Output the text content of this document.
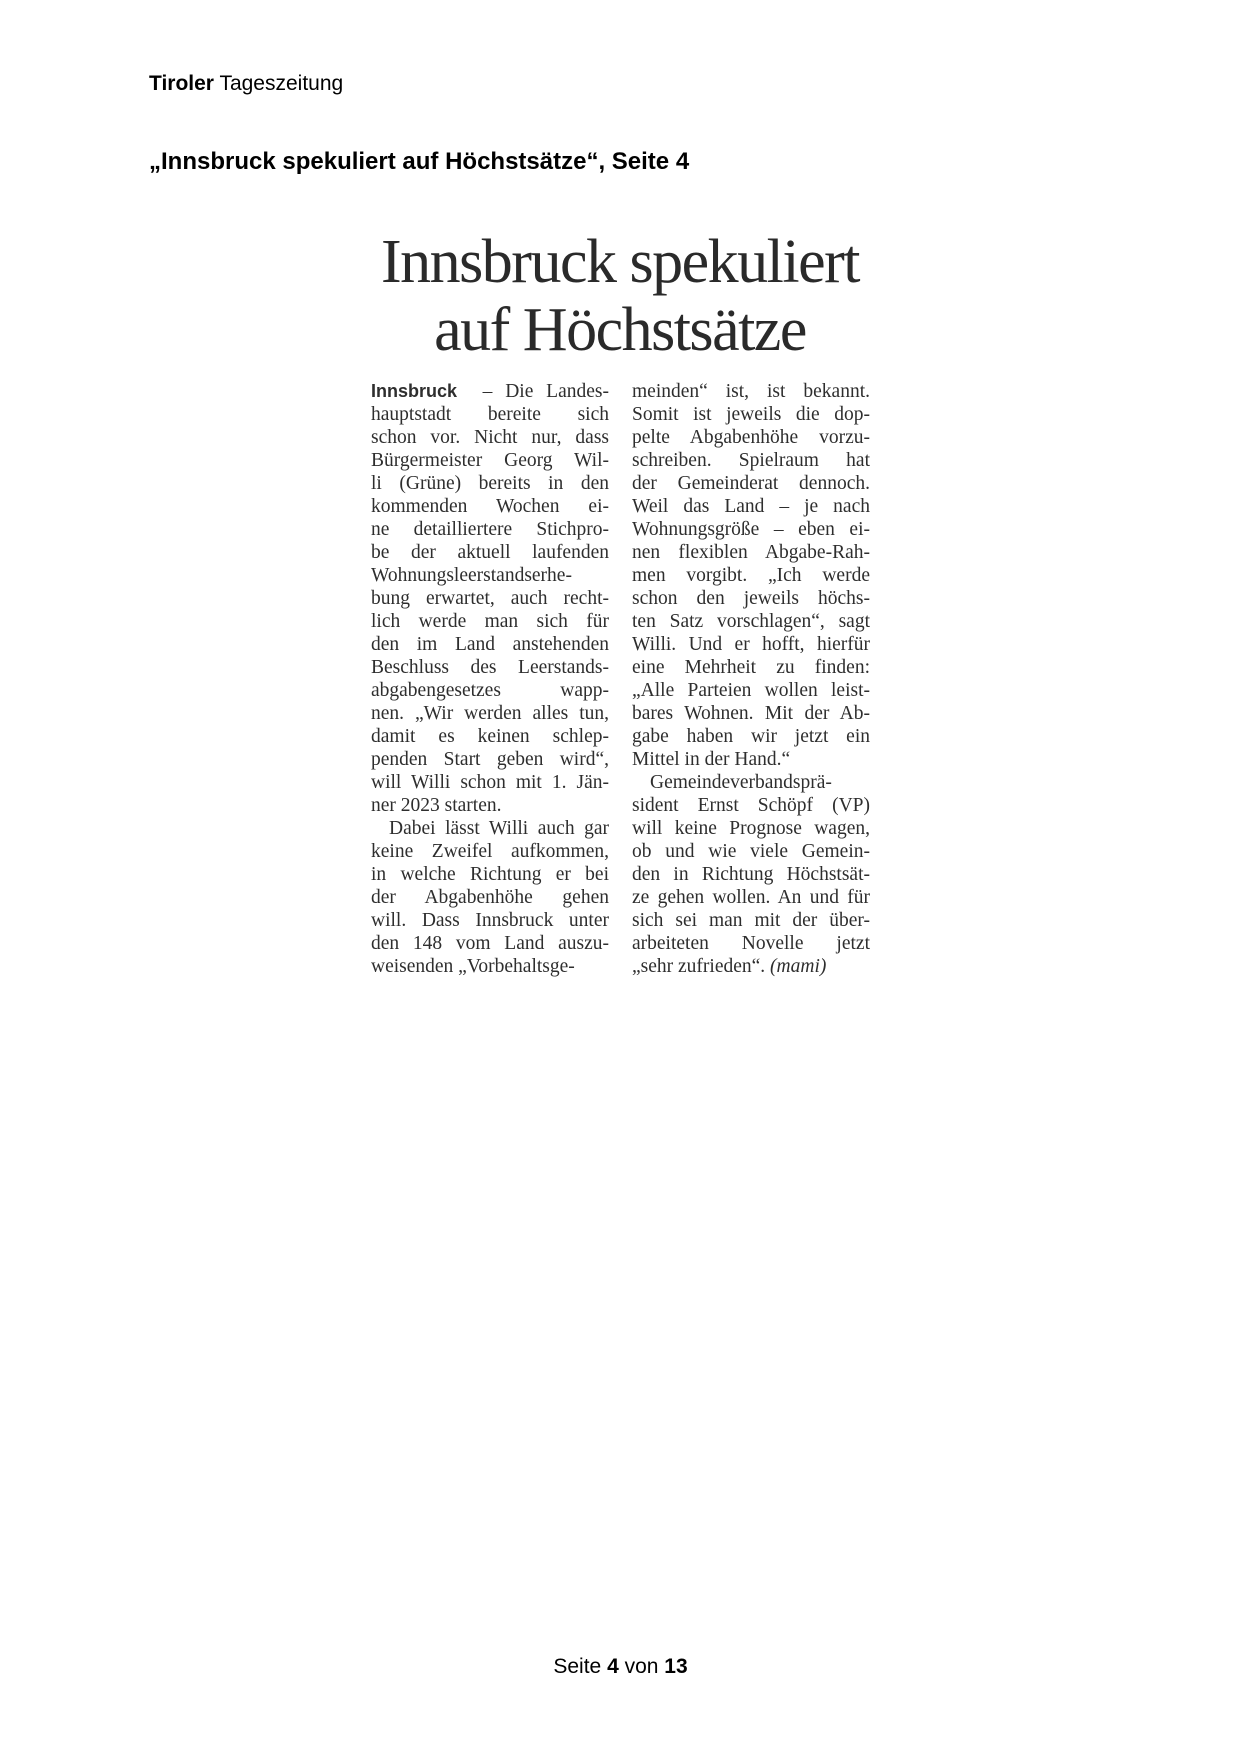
Tiroler Tageszeitung
„Innsbruck spekuliert auf Höchstsätze“, Seite 4
Innsbruck spekuliert
auf Höchstsätze
Innsbruck – Die Landes-
hauptstadt bereite sich
schon vor. Nicht nur, dass
Bürgermeister Georg Wil-
li (Grüne) bereits in den
kommenden Wochen ei-
ne detailliertere Stichpro-
be der aktuell laufenden
Wohnungsleerstandserhe-
bung erwartet, auch recht-
lich werde man sich für
den im Land anstehenden
Beschluss des Leerstands-
abgabengesetzes wapp-
nen. „Wir werden alles tun,
damit es keinen schlep-
penden Start geben wird“,
will Willi schon mit 1. Jän-
ner 2023 starten.
Dabei lässt Willi auch gar
keine Zweifel aufkommen,
in welche Richtung er bei
der Abgabenhöhe gehen
will. Dass Innsbruck unter
den 148 vom Land auszu-
weisenden „Vorbehaltsge-
meinden“ ist, ist bekannt.
Somit ist jeweils die dop-
pelte Abgabenhöhe vorzu-
schreiben. Spielraum hat
der Gemeinderat dennoch.
Weil das Land – je nach
Wohnungsgröße – eben ei-
nen flexiblen Abgabe-Rah-
men vorgibt. „Ich werde
schon den jeweils höchs-
ten Satz vorschlagen“, sagt
Willi. Und er hofft, hierfür
eine Mehrheit zu finden:
„Alle Parteien wollen leist-
bares Wohnen. Mit der Ab-
gabe haben wir jetzt ein
Mittel in der Hand.“
Gemeindeverbandsprä-
sident Ernst Schöpf (VP)
will keine Prognose wagen,
ob und wie viele Gemein-
den in Richtung Höchstsät-
ze gehen wollen. An und für
sich sei man mit der über-
arbeiteten Novelle jetzt
„sehr zufrieden“. (mami)
Seite 4 von 13
